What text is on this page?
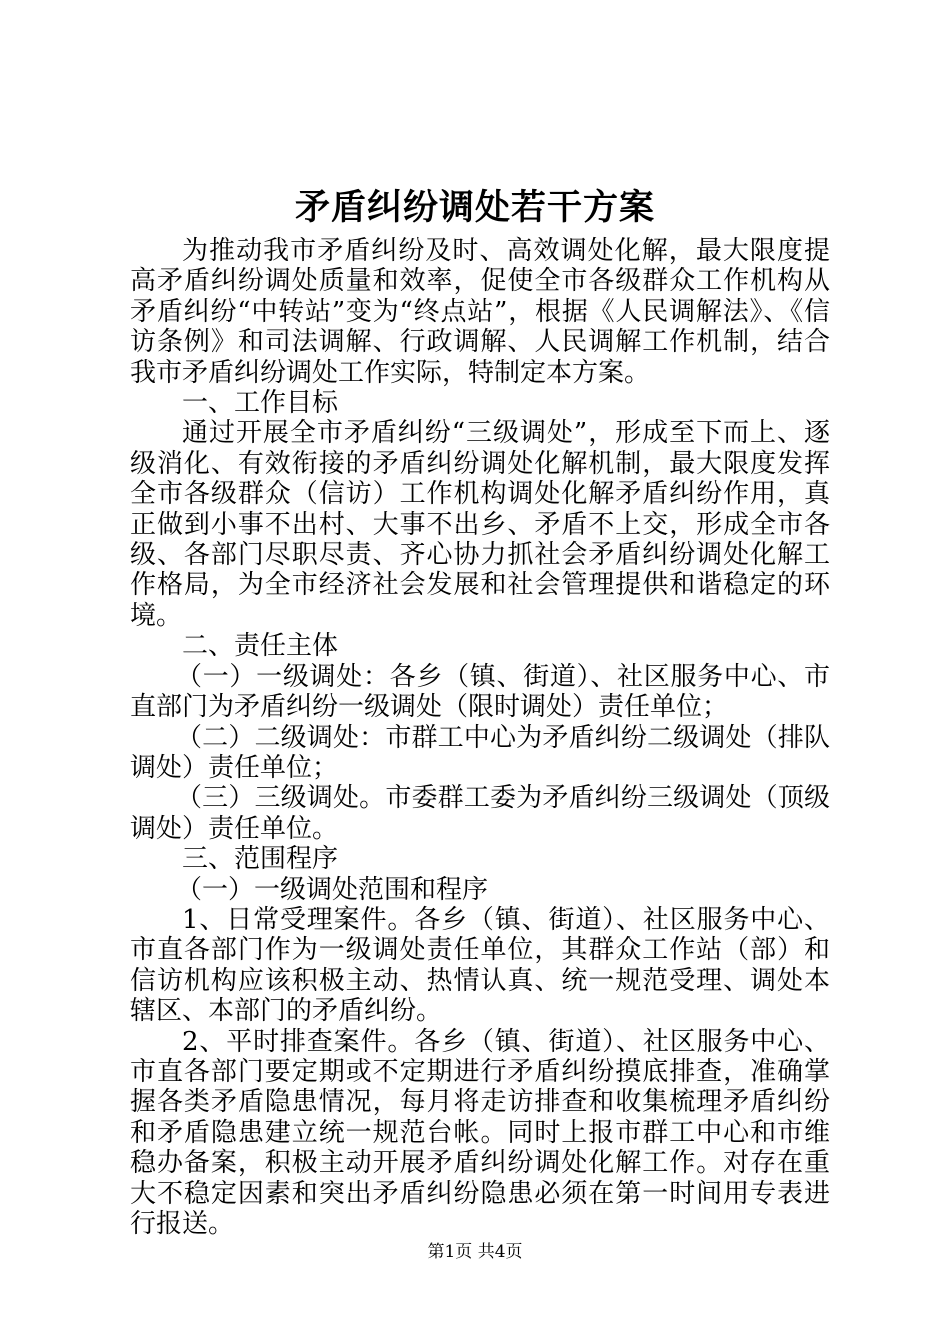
矛盾纠纷调处若干方案

为推动我市矛盾纠纷及时、高效调处化解，最大限度提高矛盾纠纷调处质量和效率，促使全市各级群众工作机构从矛盾纠纷“中转站”变为“终点站”，根据《人民调解法》、《信访条例》和司法调解、行政调解、人民调解工作机制，结合我市矛盾纠纷调处工作实际，特制定本方案。

一、工作目标

通过开展全市矛盾纠纷“三级调处”，形成至下而上、逐级消化、有效衔接的矛盾纠纷调处化解机制，最大限度发挥全市各级群众（信访）工作机构调处化解矛盾纠纷作用，真正做到小事不出村、大事不出乡、矛盾不上交，形成全市各级、各部门尽职尽责、齐心协力抓社会矛盾纠纷调处化解工作格局，为全市经济社会发展和社会管理提供和谐稳定的环境。

二、责任主体

（一）一级调处：各乡（镇、街道）、社区服务中心、市直部门为矛盾纠纷一级调处（限时调处）责任单位；

（二）二级调处：市群工中心为矛盾纠纷二级调处（排队调处）责任单位；

（三）三级调处。市委群工委为矛盾纠纷三级调处（顶级调处）责任单位。

三、范围程序

（一）一级调处范围和程序

1、日常受理案件。各乡（镇、街道）、社区服务中心、市直各部门作为一级调处责任单位，其群众工作站（部）和信访机构应该积极主动、热情认真、统一规范受理、调处本辖区、本部门的矛盾纠纷。

2、平时排查案件。各乡（镇、街道）、社区服务中心、市直各部门要定期或不定期进行矛盾纠纷摸底排查，准确掌握各类矛盾隐患情况，每月将走访排查和收集梳理矛盾纠纷和矛盾隐患建立统一规范台帐。同时上报市群工中心和市维稳办备案，积极主动开展矛盾纠纷调处化解工作。对存在重大不稳定因素和突出矛盾纠纷隐患必须在第一时间用专表进行报送。

第1页 共4页
